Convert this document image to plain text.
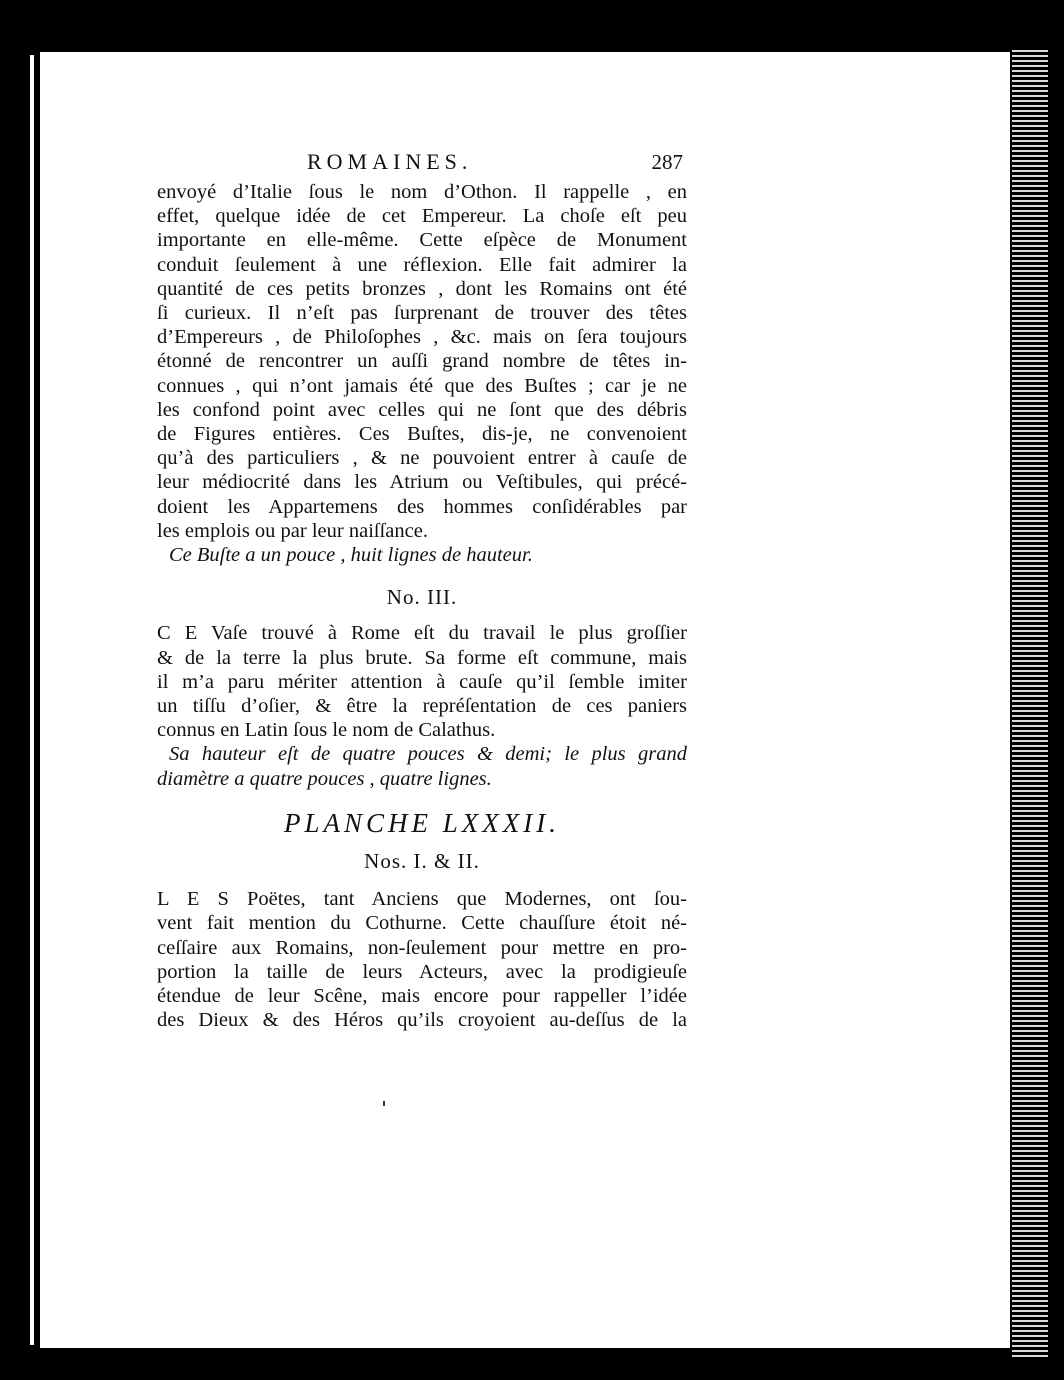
ROMAINES.	287
envoyé d’Italie ſous le nom d’Othon. Il rappelle , en
effet, quelque idée de cet Empereur. La choſe eſt peu
importante en elle-même. Cette eſpèce de Monument
conduit ſeulement à une réflexion. Elle fait admirer la
quantité de ces petits bronzes , dont les Romains ont été
ſi curieux. Il n’eſt pas ſurprenant de trouver des têtes
d’Empereurs , de Philoſophes , &c. mais on ſera toujours
étonné de rencontrer un auſſi grand nombre de têtes in-
connues , qui n’ont jamais été que des Buſtes ; car je ne
les confond point avec celles qui ne ſont que des débris
de Figures entières. Ces Buſtes, dis-je, ne convenoient
qu’à des particuliers , & ne pouvoient entrer à cauſe de
leur médiocrité dans les Atrium ou Veſtibules, qui précé-
doient les Appartemens des hommes conſidérables par
les emplois ou par leur naiſſance.
Ce Buſte a un pouce , huit lignes de hauteur.
No. III.
C E Vaſe trouvé à Rome eſt du travail le plus groſſier
& de la terre la plus brute. Sa forme eſt commune, mais
il m’a paru mériter attention à cauſe qu’il ſemble imiter
un tiſſu d’oſier, & être la repréſentation de ces paniers
connus en Latin ſous le nom de Calathus.
Sa hauteur eſt de quatre pouces & demi; le plus grand
diamètre a quatre pouces , quatre lignes.
PLANCHE LXXXII.
Nos. I. & II.
L E S Poëtes, tant Anciens que Modernes, ont ſou-
vent fait mention du Cothurne. Cette chauſſure étoit né-
ceſſaire aux Romains, non-ſeulement pour mettre en pro-
portion la taille de leurs Acteurs, avec la prodigieuſe
étendue de leur Scêne, mais encore pour rappeller l’idée
des Dieux & des Héros qu’ils croyoient au-deſſus de la
